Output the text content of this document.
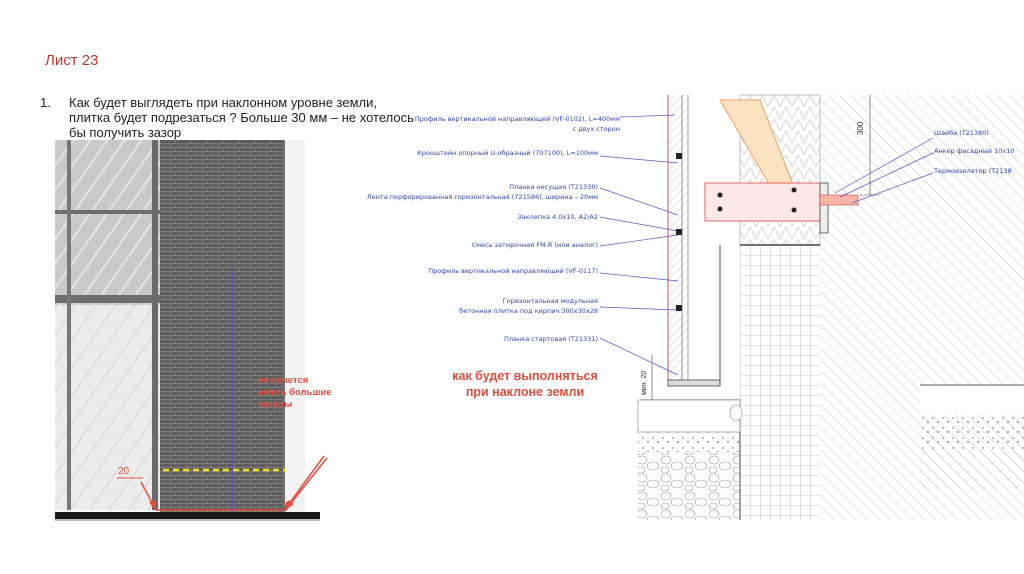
Лист 23
1. Как будет выглядеть при наклонном уровне земли, плитка будет подрезаться ? Больше 30 мм – не хотелось бы получить зазор
не хочется иметь большие зазоры
20
300
мин. 20
Профиль вертикальной направляющей (VF-0102), L=400мм
с двух сторон
Кронштейн опорный U-образный (707100), L=100мм
Планка несущая (T21330)
Лента перфорированная горизонтальная (721586), ширина – 20мм
Заклепка 4,0х10, А2/А2
Смесь затирочная FM-R (или аналог)
Профиль вертикальной направляющей (VF-0117)
Горизонтальная модульная
бетонная плитка под кирпич 300х30х28
Планка стартовая (T21331)
Шайба (T21380)
Анкер фасадный 10х10
Термоизолятор (T2138
как будет выполняться при наклоне земли
